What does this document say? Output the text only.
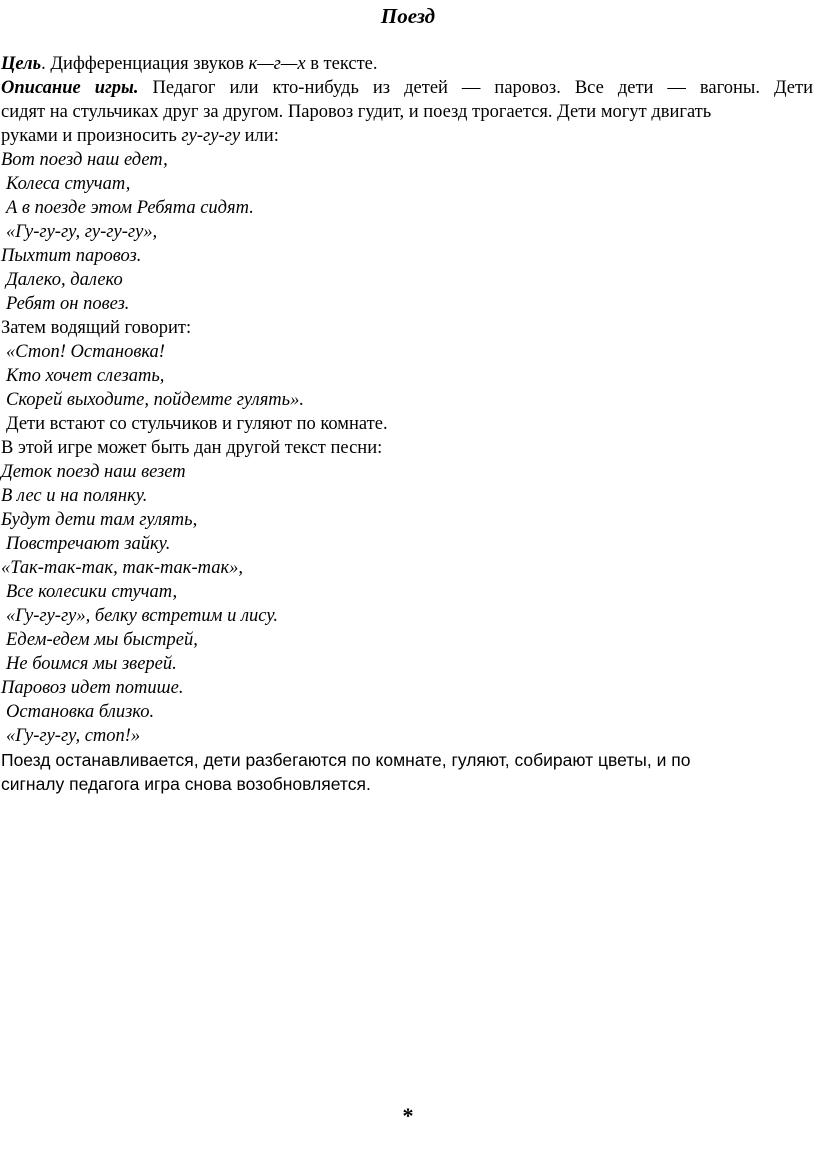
Поезд
Цель. Дифференциация звуков к—г—х в тексте.
Описание игры. Педагог или кто-нибудь из детей — паровоз. Все дети — вагоны. Дети
сидят на стульчиках друг за другом. Паровоз гудит, и поезд трогается. Дети могут двигать
руками и произносить гу-гу-гу или:
Вот поезд наш едет,
Колеса стучат,
А в поезде этом Ребята сидят.
«Гу-гу-гу, гу-гу-гу»,
Пыхтит паровоз.
Далеко, далеко
Ребят он повез.
Затем водящий говорит:
«Стоп! Остановка!
Кто хочет слезать,
Скорей выходите, пойдемте гулять».
Дети встают со стульчиков и гуляют по комнате.
В этой игре может быть дан другой текст песни:
Деток поезд наш везет
В лес и на полянку.
Будут дети там гулять,
Повстречают зайку.
«Так-так-так, так-так-так»,
Все колесики стучат,
«Гу-гу-гу», белку встретим и лису.
Едем-едем мы быстрей,
Не боимся мы зверей.
Паровоз идет потише.
Остановка близко.
«Гу-гу-гу, стоп!»
Поезд останавливается, дети разбегаются по комнате, гуляют, собирают цветы, и по
сигналу педагога игра снова возобновляется.
*
